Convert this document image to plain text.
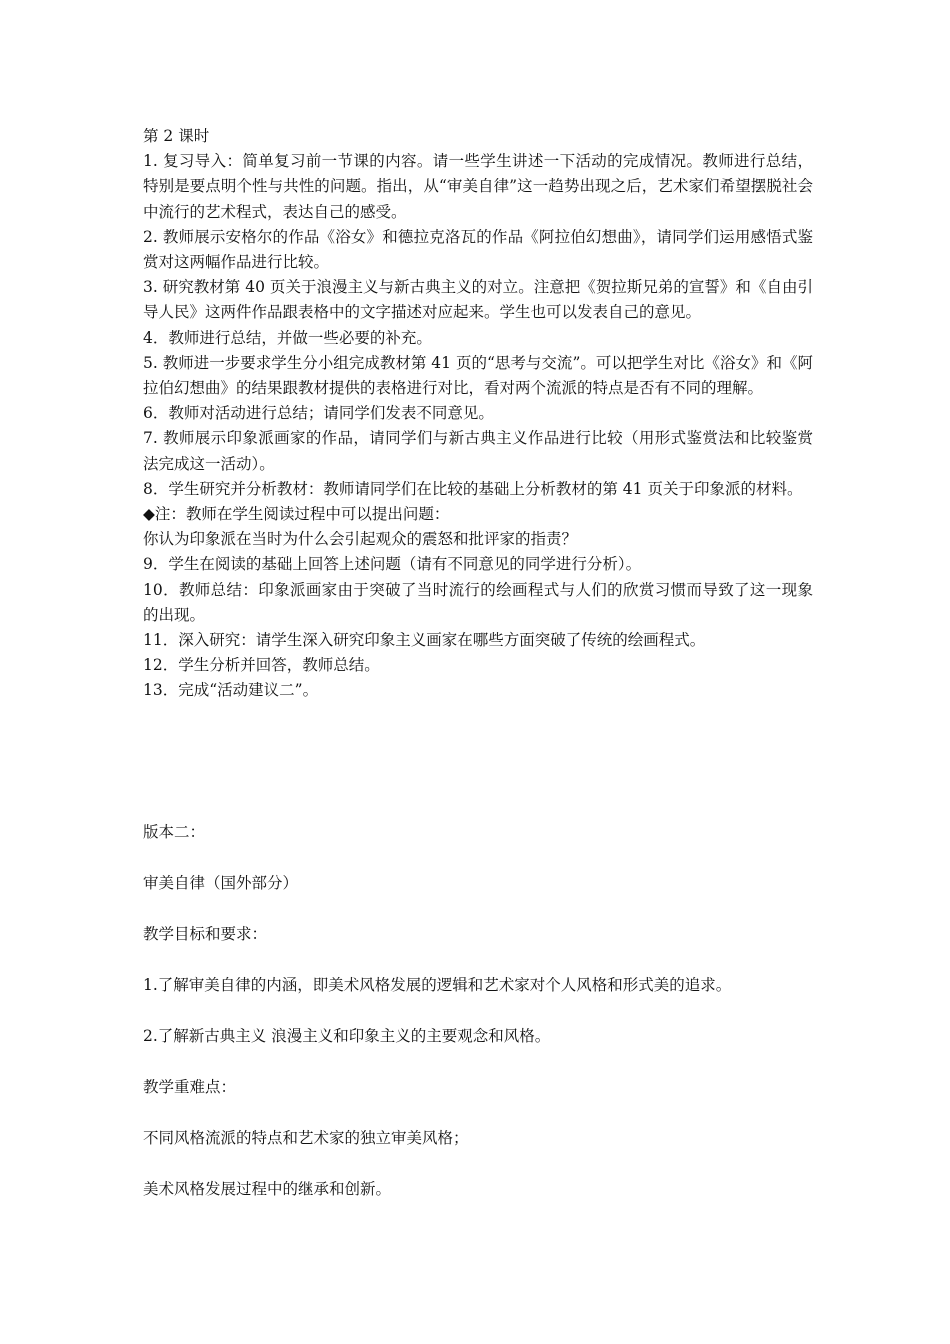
第 2 课时

1. 复习导入：简单复习前一节课的内容。请一些学生讲述一下活动的完成情况。教师进行总结，特别是要点明个性与共性的问题。指出，从“审美自律”这一趋势出现之后，艺术家们希望摆脱社会中流行的艺术程式，表达自己的感受。

2. 教师展示安格尔的作品《浴女》和德拉克洛瓦的作品《阿拉伯幻想曲》，请同学们运用感悟式鉴赏对这两幅作品进行比较。

3. 研究教材第 40 页关于浪漫主义与新古典主义的对立。注意把《贺拉斯兄弟的宣誓》和《自由引导人民》这两件作品跟表格中的文字描述对应起来。学生也可以发表自己的意见。

4．教师进行总结，并做一些必要的补充。

5. 教师进一步要求学生分小组完成教材第 41 页的“思考与交流”。可以把学生对比《浴女》和《阿拉伯幻想曲》的结果跟教材提供的表格进行对比，看对两个流派的特点是否有不同的理解。

6．教师对活动进行总结；请同学们发表不同意见。

7. 教师展示印象派画家的作品，请同学们与新古典主义作品进行比较（用形式鉴赏法和比较鉴赏法完成这一活动）。

8．学生研究并分析教材：教师请同学们在比较的基础上分析教材的第 41 页关于印象派的材料。

◆注：教师在学生阅读过程中可以提出问题：

你认为印象派在当时为什么会引起观众的震怒和批评家的指责？

9．学生在阅读的基础上回答上述问题（请有不同意见的同学进行分析）。

10．教师总结：印象派画家由于突破了当时流行的绘画程式与人们的欣赏习惯而导致了这一现象的出现。

11．深入研究：请学生深入研究印象主义画家在哪些方面突破了传统的绘画程式。

12．学生分析并回答，教师总结。

13．完成“活动建议二”。

版本二：

审美自律（国外部分）

教学目标和要求：

1.了解审美自律的内涵，即美术风格发展的逻辑和艺术家对个人风格和形式美的追求。

2.了解新古典主义 浪漫主义和印象主义的主要观念和风格。

教学重难点：

不同风格流派的特点和艺术家的独立审美风格；

美术风格发展过程中的继承和创新。
